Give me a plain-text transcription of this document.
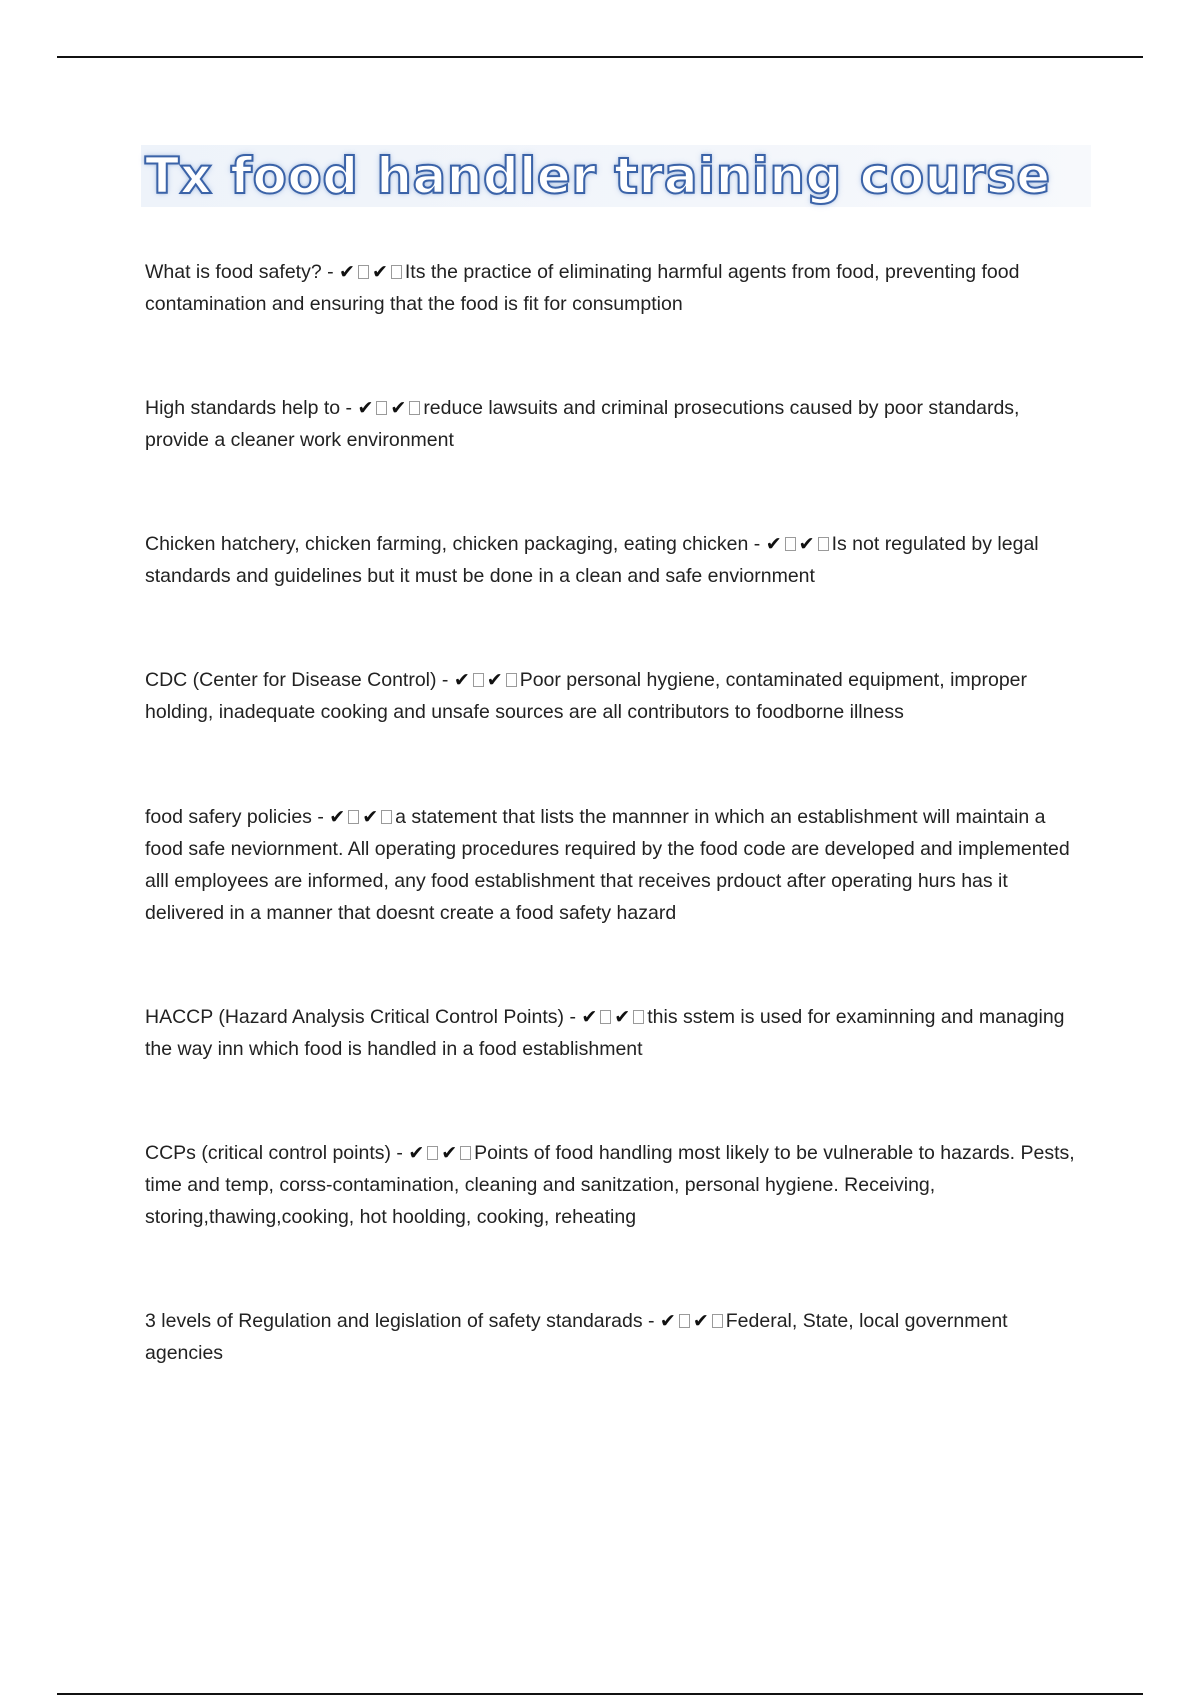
Tx food handler training course

What is food safety? - ✔ ✔ Its the practice of eliminating harmful agents from food, preventing food contamination and ensuring that the food is fit for consumption

High standards help to - ✔ ✔ reduce lawsuits and criminal prosecutions caused by poor standards, provide a cleaner work environment

Chicken hatchery, chicken farming, chicken packaging, eating chicken - ✔ ✔ Is not regulated by legal standards and guidelines but it must be done in a clean and safe enviornment

CDC (Center for Disease Control) - ✔ ✔ Poor personal hygiene, contaminated equipment, improper holding, inadequate cooking and unsafe sources are all contributors to foodborne illness

food safery policies - ✔ ✔ a statement that lists the mannner in which an establishment will maintain a food safe neviornment. All operating procedures required by the food code are developed and implemented alll employees are informed, any food establishment that receives prdouct after operating hurs has it delivered in a manner that doesnt create a food safety hazard

HACCP (Hazard Analysis Critical Control Points) - ✔ ✔ this sstem is used for examinning and managing the way inn which food is handled in a food establishment

CCPs (critical control points) - ✔ ✔ Points of food handling most likely to be vulnerable to hazards. Pests, time and temp, corss-contamination, cleaning and sanitzation, personal hygiene. Receiving, storing,thawing,cooking, hot hoolding, cooking, reheating

3 levels of Regulation and legislation of safety standarads - ✔ ✔ Federal, State, local government agencies
